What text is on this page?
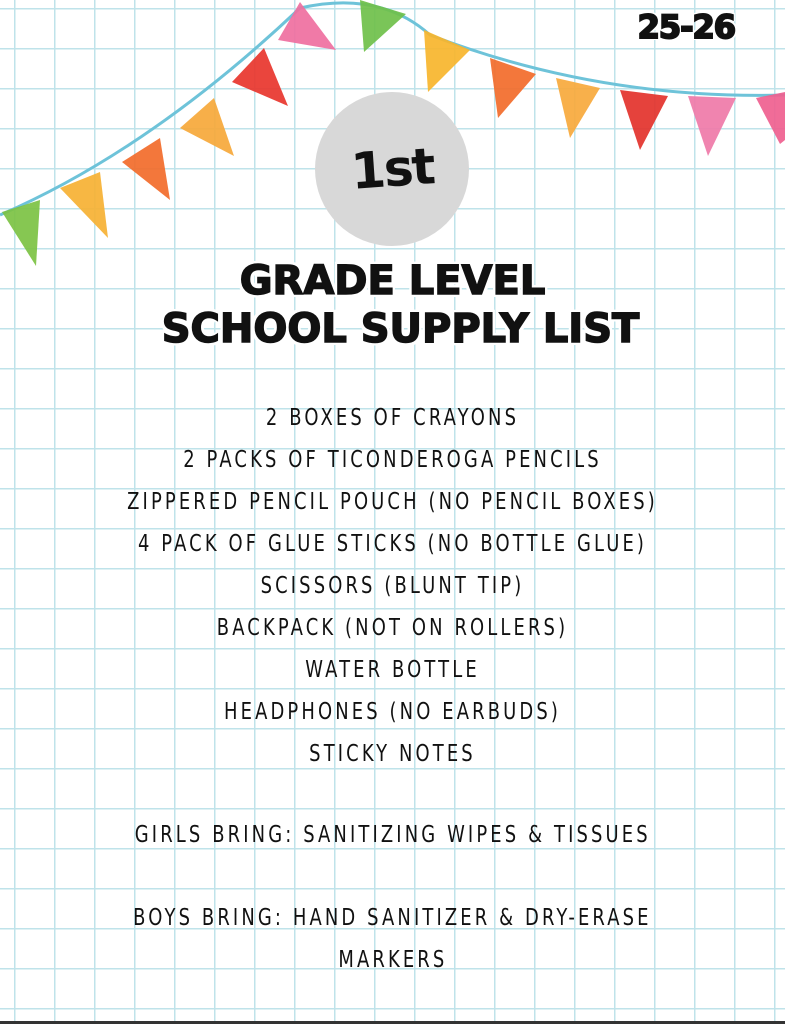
25-26
1st
GRADE LEVEL
SCHOOL SUPPLY LIST
2 BOXES OF CRAYONS
2 PACKS OF TICONDEROGA PENCILS
ZIPPERED PENCIL POUCH (NO PENCIL BOXES)
4 PACK OF GLUE STICKS (NO BOTTLE GLUE)
SCISSORS (BLUNT TIP)
BACKPACK (NOT ON ROLLERS)
WATER BOTTLE
HEADPHONES (NO EARBUDS)
STICKY NOTES
GIRLS BRING: SANITIZING WIPES & TISSUES
BOYS BRING: HAND SANITIZER & DRY-ERASE
MARKERS
